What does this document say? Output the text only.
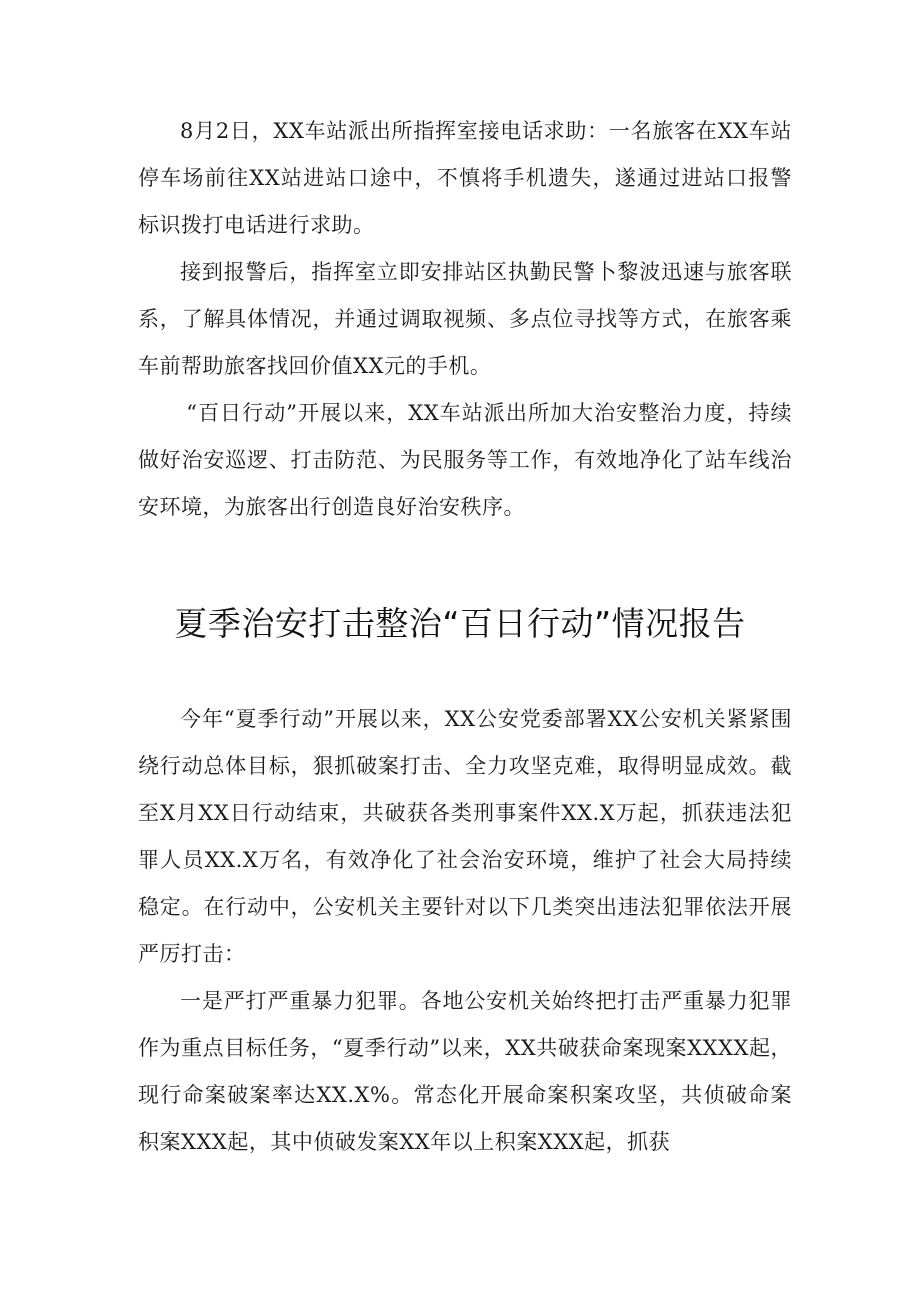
8月2日，XX车站派出所指挥室接电话求助：一名旅客在XX车站停车场前往XX站进站口途中，不慎将手机遗失，遂通过进站口报警标识拨打电话进行求助。

接到报警后，指挥室立即安排站区执勤民警卜黎波迅速与旅客联系，了解具体情况，并通过调取视频、多点位寻找等方式，在旅客乘车前帮助旅客找回价值XX元的手机。

“百日行动”开展以来，XX车站派出所加大治安整治力度，持续做好治安巡逻、打击防范、为民服务等工作，有效地净化了站车线治安环境，为旅客出行创造良好治安秩序。

夏季治安打击整治“百日行动”情况报告

今年“夏季行动”开展以来，XX公安党委部署XX公安机关紧紧围绕行动总体目标，狠抓破案打击、全力攻坚克难，取得明显成效。截至X月XX日行动结束，共破获各类刑事案件XX.X万起，抓获违法犯罪人员XX.X万名，有效净化了社会治安环境，维护了社会大局持续稳定。在行动中，公安机关主要针对以下几类突出违法犯罪依法开展严厉打击：

一是严打严重暴力犯罪。各地公安机关始终把打击严重暴力犯罪作为重点目标任务，“夏季行动”以来，XX共破获命案现案XXXX起，现行命案破案率达XX.X%。常态化开展命案积案攻坚，共侦破命案积案XXX起，其中侦破发案XX年以上积案XXX起，抓获
